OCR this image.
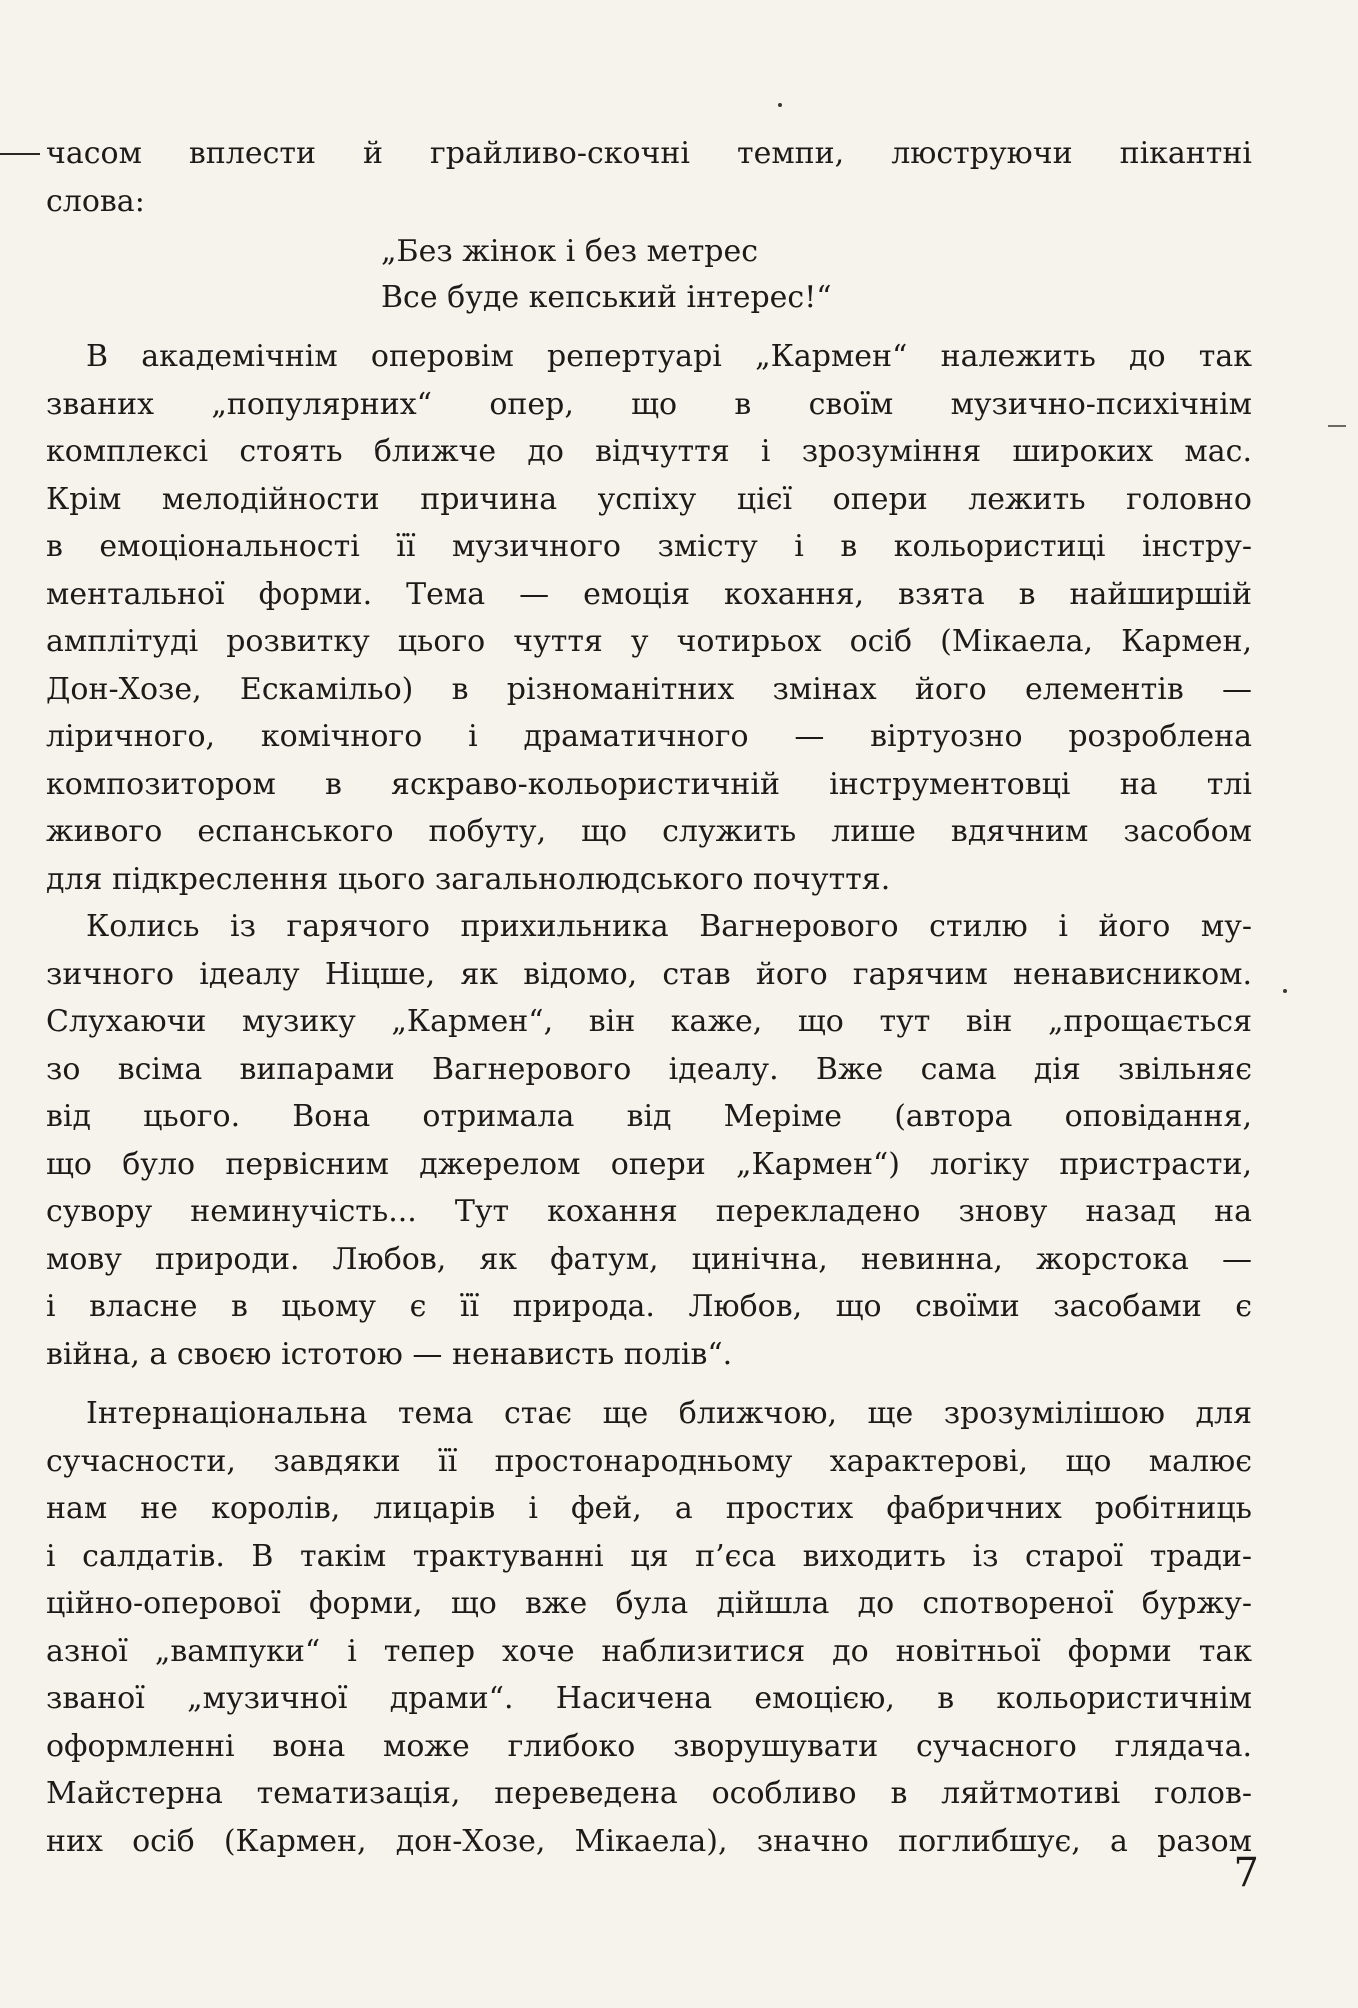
часом вплести й грайливо-скочні темпи, люструючи пікантні
слова:
„Без жінок і без метрес
Все буде кепський інтерес!“
В академічнім оперовім репертуарі „Кармен“ належить до так
званих „популярних“ опер, що в своїм музично-психічнім
комплексі стоять ближче до відчуття і зрозуміння широких мас.
Крім мелодійности причина успіху цієї опери лежить головно
в емоціональності її музичного змісту і в кольористиці інстру-
ментальної форми. Тема — емоція кохання, взята в найширшій
амплітуді розвитку цього чуття у чотирьох осіб (Мікаела, Кармен,
Дон-Хозе, Ескамільо) в різноманітних змінах його елементів —
ліричного, комічного і драматичного — віртуозно розроблена
композитором в яскраво-кольористичній інструментовці на тлі
живого еспанського побуту, що служить лише вдячним засобом
для підкреслення цього загальнолюдського почуття.
Колись із гарячого прихильника Вагнерового стилю і його му-
зичного ідеалу Ніцше, як відомо, став його гарячим ненависником.
Слухаючи музику „Кармен“, він каже, що тут він „прощається
зо всіма випарами Вагнерового ідеалу. Вже сама дія звільняє
від цього. Вона отримала від Меріме (автора оповідання,
що було первісним джерелом опери „Кармен“) логіку пристрасти,
сувору неминучість... Тут кохання перекладено знову назад на
мову природи. Любов, як фатум, цинічна, невинна, жорстока —
і власне в цьому є її природа. Любов, що своїми засобами є
війна, а своєю істотою — ненависть полів“.
Інтернаціональна тема стає ще ближчою, ще зрозумілішою для
сучасности, завдяки її простонародньому характерові, що малює
нам не королів, лицарів і фей, а простих фабричних робітниць
і салдатів. В такім трактуванні ця п’єса виходить із старої тради-
ційно-оперової форми, що вже була дійшла до спотвореної буржу-
азної „вампуки“ і тепер хоче наблизитися до новітньої форми так
званої „музичної драми“. Насичена емоцією, в кольористичнім
оформленні вона може глибоко зворушувати сучасного глядача.
Майстерна тематизація, переведена особливо в ляйтмотиві голов-
них осіб (Кармен, дон-Хозе, Мікаела), значно поглибшує, а разом
7
